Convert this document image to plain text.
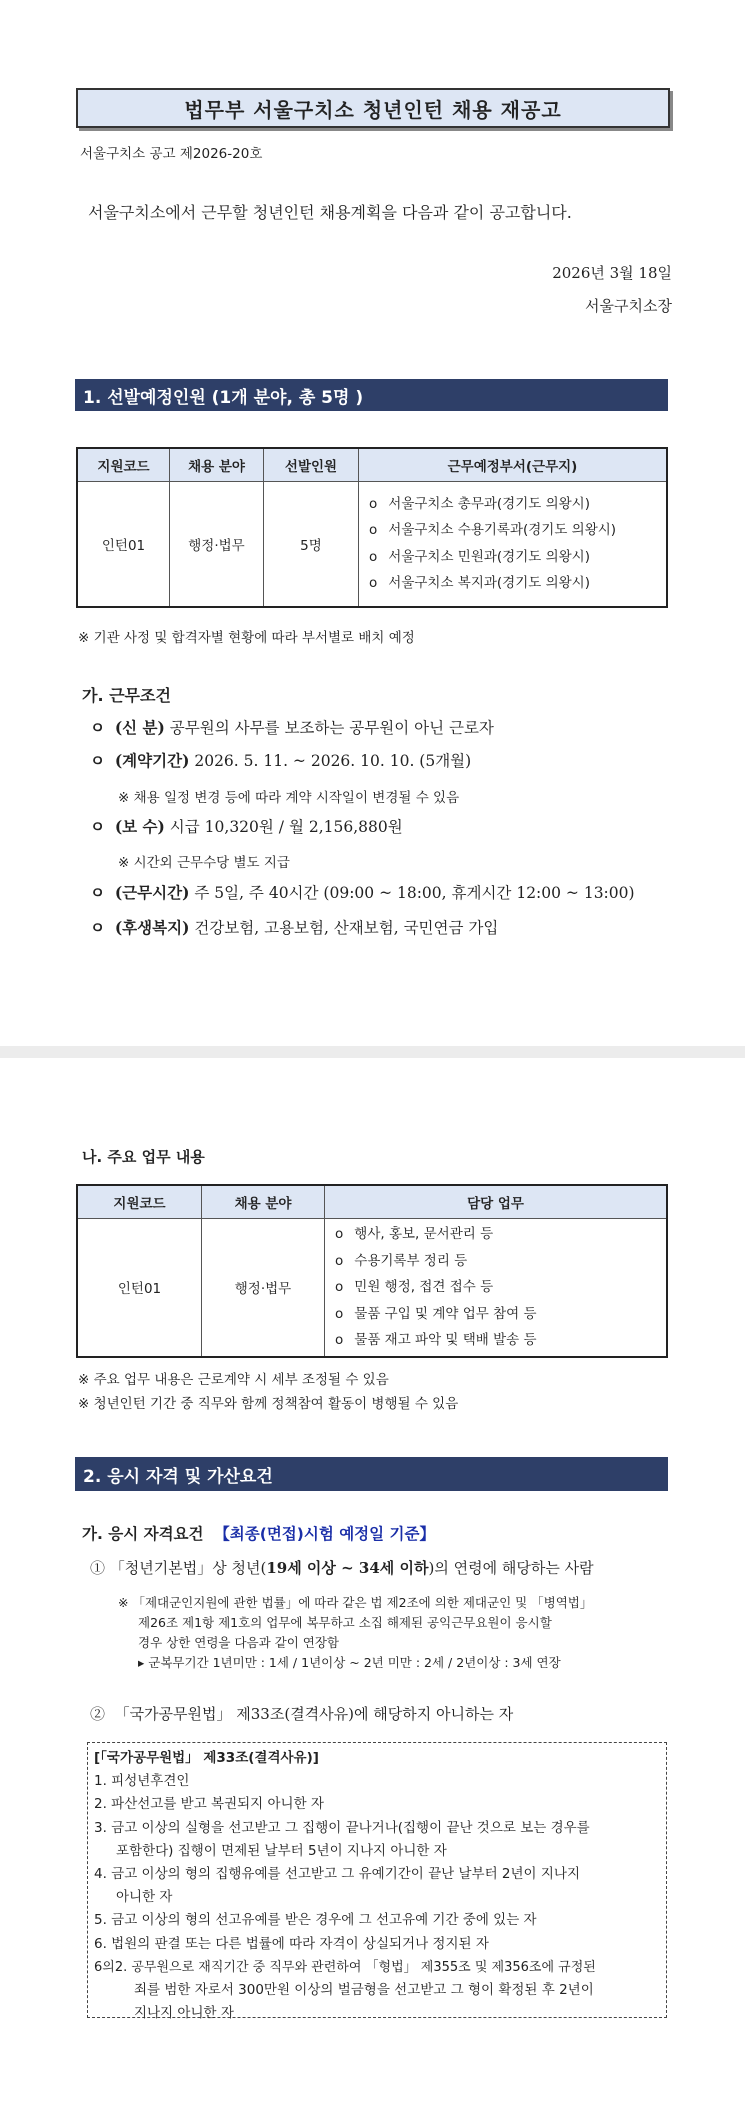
법무부 서울구치소 청년인턴 채용 재공고
서울구치소 공고 제2026-20호
서울구치소에서 근무할 청년인턴 채용계획을 다음과 같이 공고합니다.
2026년 3월 18일
서울구치소장
1. 선발예정인원 (1개 분야, 총 5명 )
지원코드	채용 분야	선발인원	근무예정부서(근무지)
인턴01	행정·법무	5명	o 서울구치소 총무과(경기도 의왕시)
o 서울구치소 수용기록과(경기도 의왕시)
o 서울구치소 민원과(경기도 의왕시)
o 서울구치소 복지과(경기도 의왕시)
※ 기관 사정 및 합격자별 현황에 따라 부서별로 배치 예정
가. 근무조건
ㅇ (신 분) 공무원의 사무를 보조하는 공무원이 아닌 근로자
ㅇ (계약기간) 2026. 5. 11. ~ 2026. 10. 10. (5개월)
※ 채용 일정 변경 등에 따라 계약 시작일이 변경될 수 있음
ㅇ (보 수) 시급 10,320원 / 월 2,156,880원
※ 시간외 근무수당 별도 지급
ㅇ (근무시간) 주 5일, 주 40시간 (09:00 ~ 18:00, 휴게시간 12:00 ~ 13:00)
ㅇ (후생복지) 건강보험, 고용보험, 산재보험, 국민연금 가입
나. 주요 업무 내용
지원코드	채용 분야	담당 업무
인턴01	행정·법무	o 행사, 홍보, 문서관리 등
o 수용기록부 정리 등
o 민원 행정, 접견 접수 등
o 물품 구입 및 계약 업무 참여 등
o 물품 재고 파악 및 택배 발송 등
※ 주요 업무 내용은 근로계약 시 세부 조정될 수 있음
※ 청년인턴 기간 중 직무와 함께 정책참여 활동이 병행될 수 있음
2. 응시 자격 및 가산요건
가. 응시 자격요건 【최종(면접)시험 예정일 기준】
① 「청년기본법」상 청년(19세 이상 ~ 34세 이하)의 연령에 해당하는 사람
※ 「제대군인지원에 관한 법률」에 따라 같은 법 제2조에 의한 제대군인 및 「병역법」
제26조 제1항 제1호의 업무에 복무하고 소집 해제된 공익근무요원이 응시할
경우 상한 연령을 다음과 같이 연장함
▸ 군복무기간 1년미만 : 1세 / 1년이상 ~ 2년 미만 : 2세 / 2년이상 : 3세 연장
② 「국가공무원법」 제33조(결격사유)에 해당하지 아니하는 자
[「국가공무원법」 제33조(결격사유)]
1. 피성년후견인
2. 파산선고를 받고 복권되지 아니한 자
3. 금고 이상의 실형을 선고받고 그 집행이 끝나거나(집행이 끝난 것으로 보는 경우를
포함한다) 집행이 면제된 날부터 5년이 지나지 아니한 자
4. 금고 이상의 형의 집행유예를 선고받고 그 유예기간이 끝난 날부터 2년이 지나지
아니한 자
5. 금고 이상의 형의 선고유예를 받은 경우에 그 선고유예 기간 중에 있는 자
6. 법원의 판결 또는 다른 법률에 따라 자격이 상실되거나 정지된 자
6의2. 공무원으로 재직기간 중 직무와 관련하여 「형법」 제355조 및 제356조에 규정된
죄를 범한 자로서 300만원 이상의 벌금형을 선고받고 그 형이 확정된 후 2년이
지나지 아니한 자
